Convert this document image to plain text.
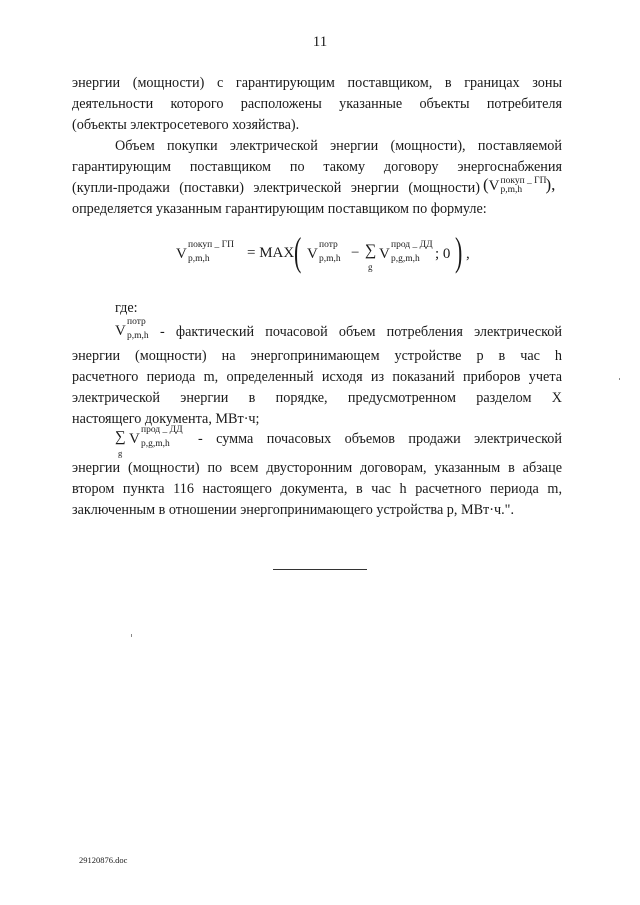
11
энергии (мощности) с гарантирующим поставщиком, в границах зоны
деятельности которого расположены указанные объекты потребителя
(объекты электросетевого хозяйства).
Объем покупки электрической энергии (мощности), поставляемой
гарантирующим поставщиком по такому договору энергоснабжения
(купли-продажи (поставки) электрической энергии (мощности) (V покуп _ ГП
p,m,h ),
определяется указанным гарантирующим поставщиком по формуле:
V
покуп _ ГП
p,m,h = MAX ( V
потр
p,m,h − ∑
g
V
прод _ ДД
p,g,m,h ; 0 ) ,
где:
V
потр
p,m,h - фактический почасовой объем потребления электрической
энергии (мощности) на энергопринимающем устройстве p в час h
расчетного периода m, определенный исходя из показаний приборов учета
электрической энергии в порядке, предусмотренном разделом X
настоящего документа, МВт·ч;
∑
g
V
прод _ ДД
p,g,m,h - сумма почасовых объемов продажи электрической
энергии (мощности) по всем двусторонним договорам, указанным в абзаце
втором пункта 116 настоящего документа, в час h расчетного периода m,
заключенным в отношении энергопринимающего устройства p, МВт·ч.".
29120876.doc
